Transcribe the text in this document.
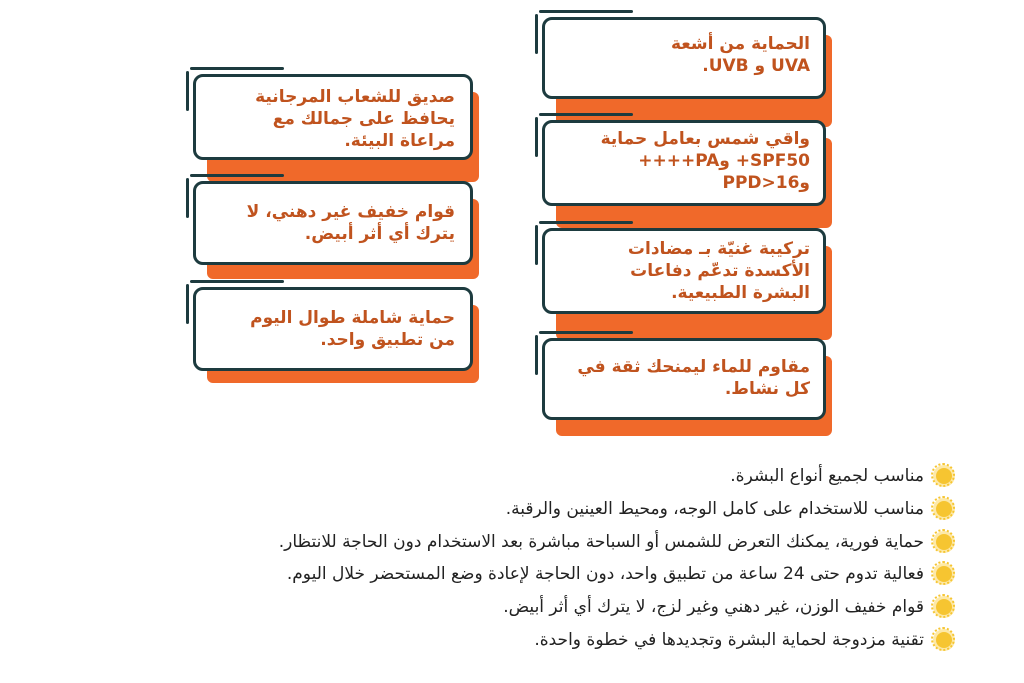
صديق للشعاب المرجانية
يحافظ على جمالك مع
مراعاة البيئة.
قوام خفيف غير دهني، لا
يترك أي أثر أبيض.
حماية شاملة طوال اليوم
من تطبيق واحد.
الحماية من أشعة
UVA و UVB.
واقي شمس بعامل حماية
SPF50+ وPA++++
وPPD>16
تركيبة غنيّة بـ مضادات
الأكسدة تدعّم دفاعات
البشرة الطبيعية.
مقاوم للماء ليمنحك ثقة في
كل نشاط.
مناسب لجميع أنواع البشرة.
مناسب للاستخدام على كامل الوجه، ومحيط العينين والرقبة.
حماية فورية، يمكنك التعرض للشمس أو السباحة مباشرة بعد الاستخدام دون الحاجة للانتظار.
فعالية تدوم حتى 24 ساعة من تطبيق واحد، دون الحاجة لإعادة وضع المستحضر خلال اليوم.
قوام خفيف الوزن، غير دهني وغير لزج، لا يترك أي أثر أبيض.
تقنية مزدوجة لحماية البشرة وتجديدها في خطوة واحدة.
